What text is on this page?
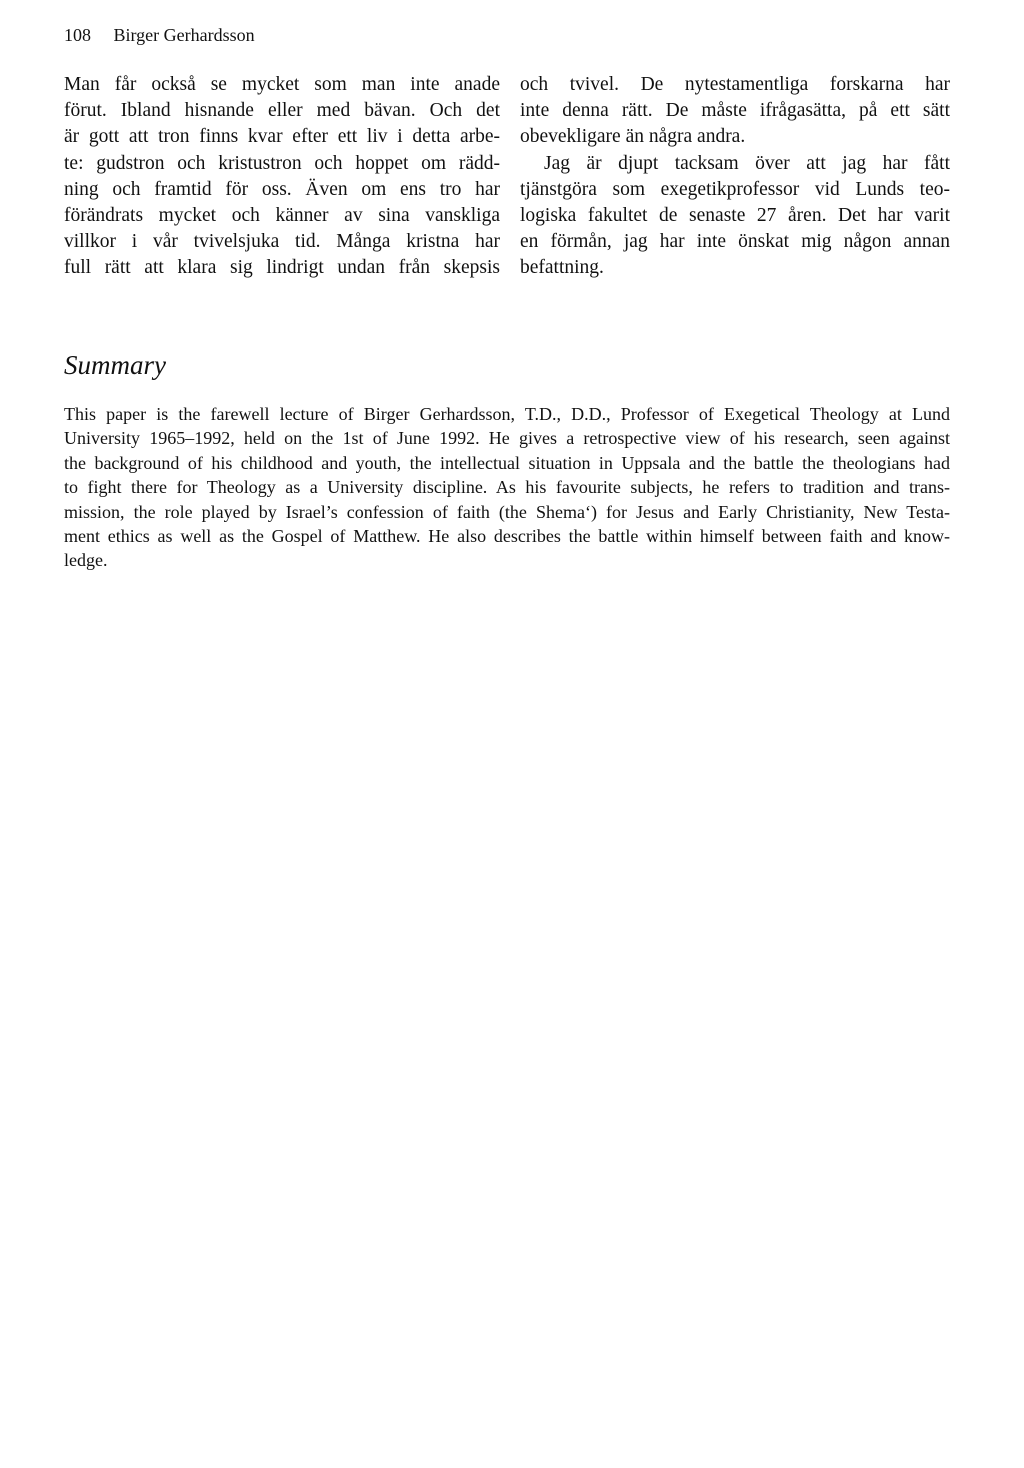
108 Birger Gerhardsson

Man får också se mycket som man inte anade
förut. Ibland hisnande eller med bävan. Och det
är gott att tron finns kvar efter ett liv i detta arbe-
te: gudstron och kristustron och hoppet om rädd-
ning och framtid för oss. Även om ens tro har
förändrats mycket och känner av sina vanskliga
villkor i vår tvivelsjuka tid. Många kristna har
full rätt att klara sig lindrigt undan från skepsis

och tvivel. De nytestamentliga forskarna har
inte denna rätt. De måste ifrågasätta, på ett sätt
obevekligare än några andra.

Jag är djupt tacksam över att jag har fått
tjänstgöra som exegetikprofessor vid Lunds teo-
logiska fakultet de senaste 27 åren. Det har varit
en förmån, jag har inte önskat mig någon annan
befattning.

Summary

This paper is the farewell lecture of Birger Gerhardsson, T.D., D.D., Professor of Exegetical Theology at Lund
University 1965–1992, held on the 1st of June 1992. He gives a retrospective view of his research, seen against
the background of his childhood and youth, the intellectual situation in Uppsala and the battle the theologians had
to fight there for Theology as a University discipline. As his favourite subjects, he refers to tradition and trans-
mission, the role played by Israel’s confession of faith (the Shema‘) for Jesus and Early Christianity, New Testa-
ment ethics as well as the Gospel of Matthew. He also describes the battle within himself between faith and know-
ledge.
